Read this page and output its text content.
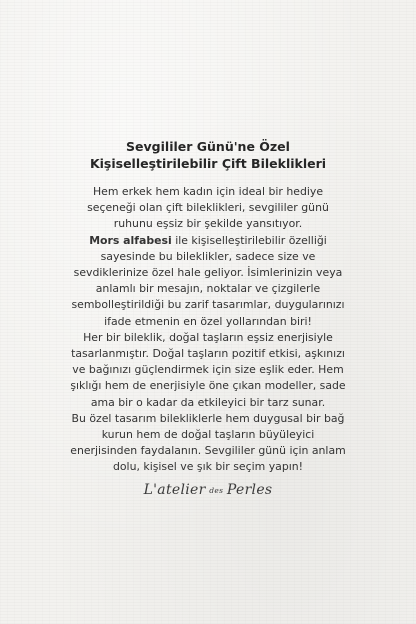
Sevgililer Günü'ne Özel
Kişiselleştirilebilir Çift Bileklikleri

Hem erkek hem kadın için ideal bir hediye seçeneği olan çift bileklikleri, sevgililer günü ruhunu eşsiz bir şekilde yansıtıyor.

Mors alfabesi ile kişiselleştirilebilir özelliği sayesinde bu bileklikler, sadece size ve sevdiklerinize özel hale geliyor. İsimlerinizin veya anlamlı bir mesajın, noktalar ve çizgilerle sembolleştirildiği bu zarif tasarımlar, duygularınızı ifade etmenin en özel yollarından biri!

Her bir bileklik, doğal taşların eşsiz enerjisiyle tasarlanmıştır. Doğal taşların pozitif etkisi, aşkınızı ve bağınızı güçlendirmek için size eşlik eder. Hem şıklığı hem de enerjisiyle öne çıkan modeller, sade ama bir o kadar da etkileyici bir tarz sunar.

Bu özel tasarım bilekliklerle hem duygusal bir bağ kurun hem de doğal taşların büyüleyici enerjisinden faydalanın. Sevgililer günü için anlam dolu, kişisel ve şık bir seçim yapın!

L'atelier des Perles
